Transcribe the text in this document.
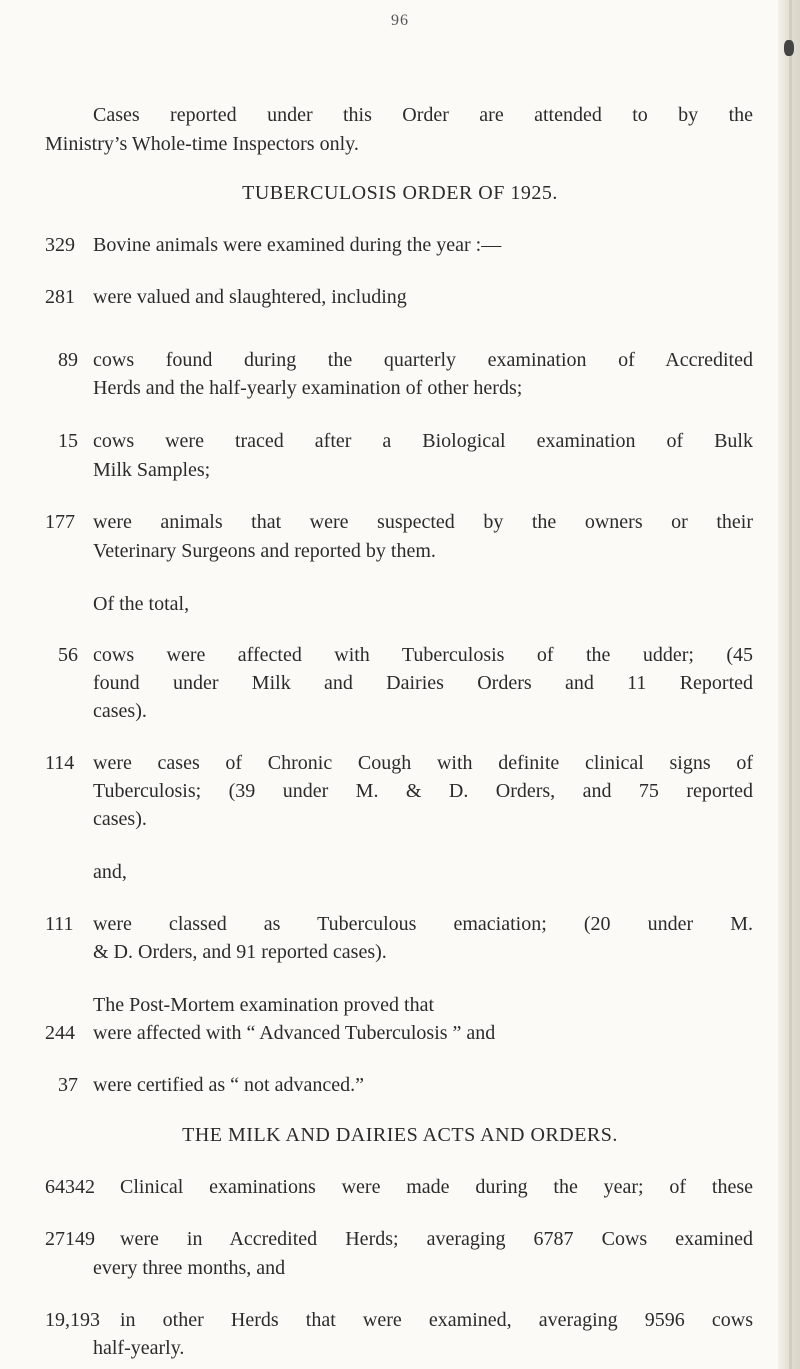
96
Cases reported under this Order are attended to by the
Ministry’s Whole-time Inspectors only.
TUBERCULOSIS ORDER OF 1925.
329 Bovine animals were examined during the year :—
281 were valued and slaughtered, including
89 cows found during the quarterly examination of Accredited
Herds and the half-yearly examination of other herds;
15 cows were traced after a Biological examination of Bulk
Milk Samples;
177 were animals that were suspected by the owners or their
Veterinary Surgeons and reported by them.
Of the total,
56 cows were affected with Tuberculosis of the udder; (45
found under Milk and Dairies Orders and 11 Reported
cases).
114 were cases of Chronic Cough with definite clinical signs of
Tuberculosis; (39 under M. & D. Orders, and 75 reported
cases).
and,
111 were classed as Tuberculous emaciation; (20 under M.
& D. Orders, and 91 reported cases).
The Post-Mortem examination proved that
244 were affected with “ Advanced Tuberculosis ” and
37 were certified as “ not advanced.”
THE MILK AND DAIRIES ACTS AND ORDERS.
64342 Clinical examinations were made during the year; of these
27149 were in Accredited Herds; averaging 6787 Cows examined
every three months, and
19,193 in other Herds that were examined, averaging 9596 cows
half-yearly.
